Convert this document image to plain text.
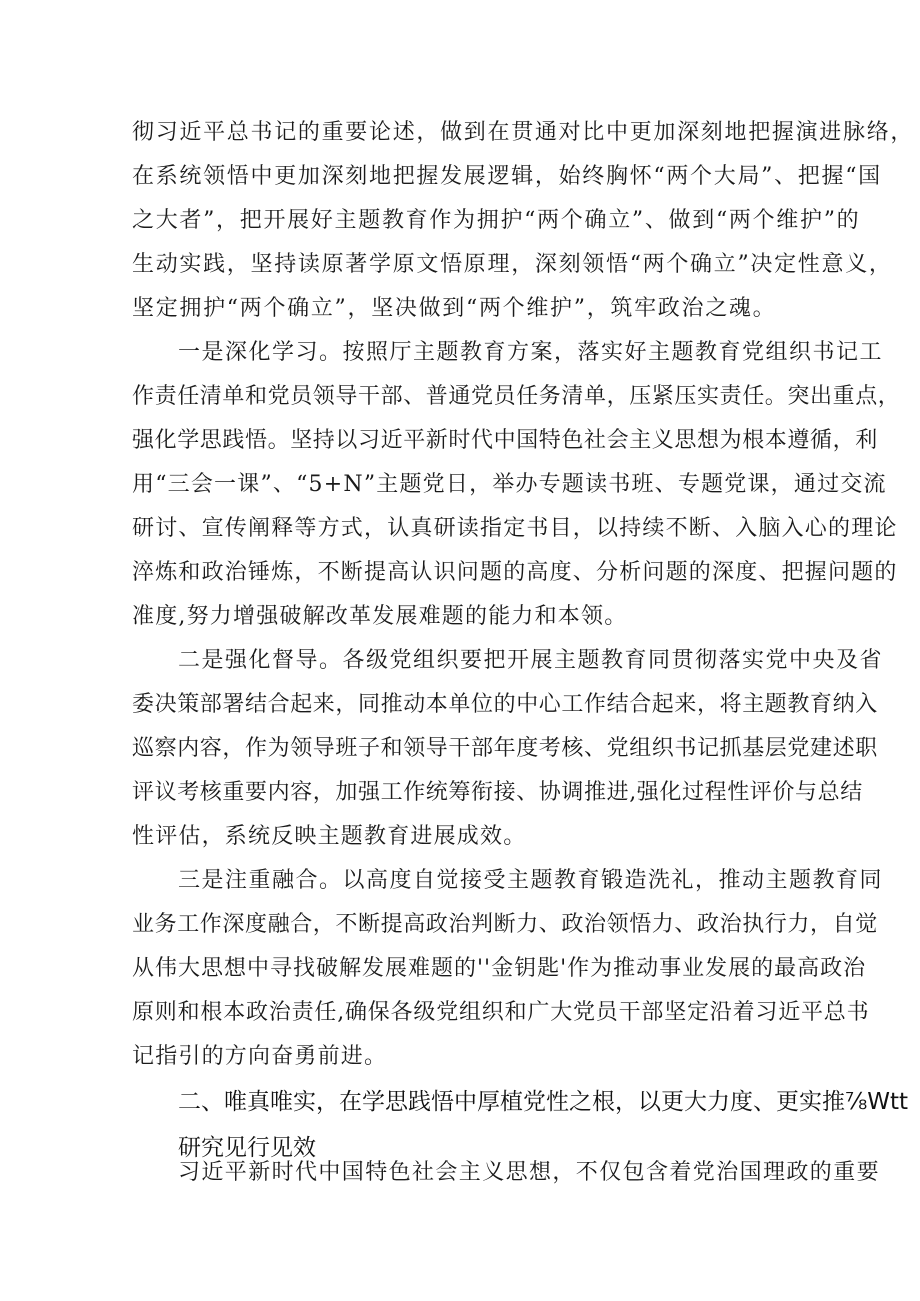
彻习近平总书记的重要论述，做到在贯通对比中更加深刻地把握演进脉络，
在系统领悟中更加深刻地把握发展逻辑，始终胸怀“两个大局”、把握“国
之大者”，把开展好主题教育作为拥护“两个确立”、做到“两个维护”的
生动实践，坚持读原著学原文悟原理，深刻领悟“两个确立”决定性意义，
坚定拥护“两个确立”，坚决做到“两个维护”，筑牢政治之魂。
一是深化学习。按照厅主题教育方案，落实好主题教育党组织书记工
作责任清单和党员领导干部、普通党员任务清单，压紧压实责任。突出重点，
强化学思践悟。坚持以习近平新时代中国特色社会主义思想为根本遵循，利
用“三会一课”、“5+N”主题党日，举办专题读书班、专题党课，通过交流
研讨、宣传阐释等方式，认真研读指定书目，以持续不断、入脑入心的理论
淬炼和政治锤炼，不断提高认识问题的高度、分析问题的深度、把握问题的
准度,努力增强破解改革发展难题的能力和本领。
二是强化督导。各级党组织要把开展主题教育同贯彻落实党中央及省
委决策部署结合起来，同推动本单位的中心工作结合起来，将主题教育纳入
巡察内容，作为领导班子和领导干部年度考核、党组织书记抓基层党建述职
评议考核重要内容，加强工作统筹衔接、协调推进,强化过程性评价与总结
性评估，系统反映主题教育进展成效。
三是注重融合。以高度自觉接受主题教育锻造洗礼，推动主题教育同
业务工作深度融合，不断提高政治判断力、政治领悟力、政治执行力，自觉
从伟大思想中寻找破解发展难题的''金钥匙'作为推动事业发展的最高政治
原则和根本政治责任,确保各级党组织和广大党员干部坚定沿着习近平总书
记指引的方向奋勇前进。
二、唯真唯实，在学思践悟中厚植党性之根，以更大力度、更实推⅞Wtt
研究见行见效
习近平新时代中国特色社会主义思想，不仅包含着党治国理政的重要
